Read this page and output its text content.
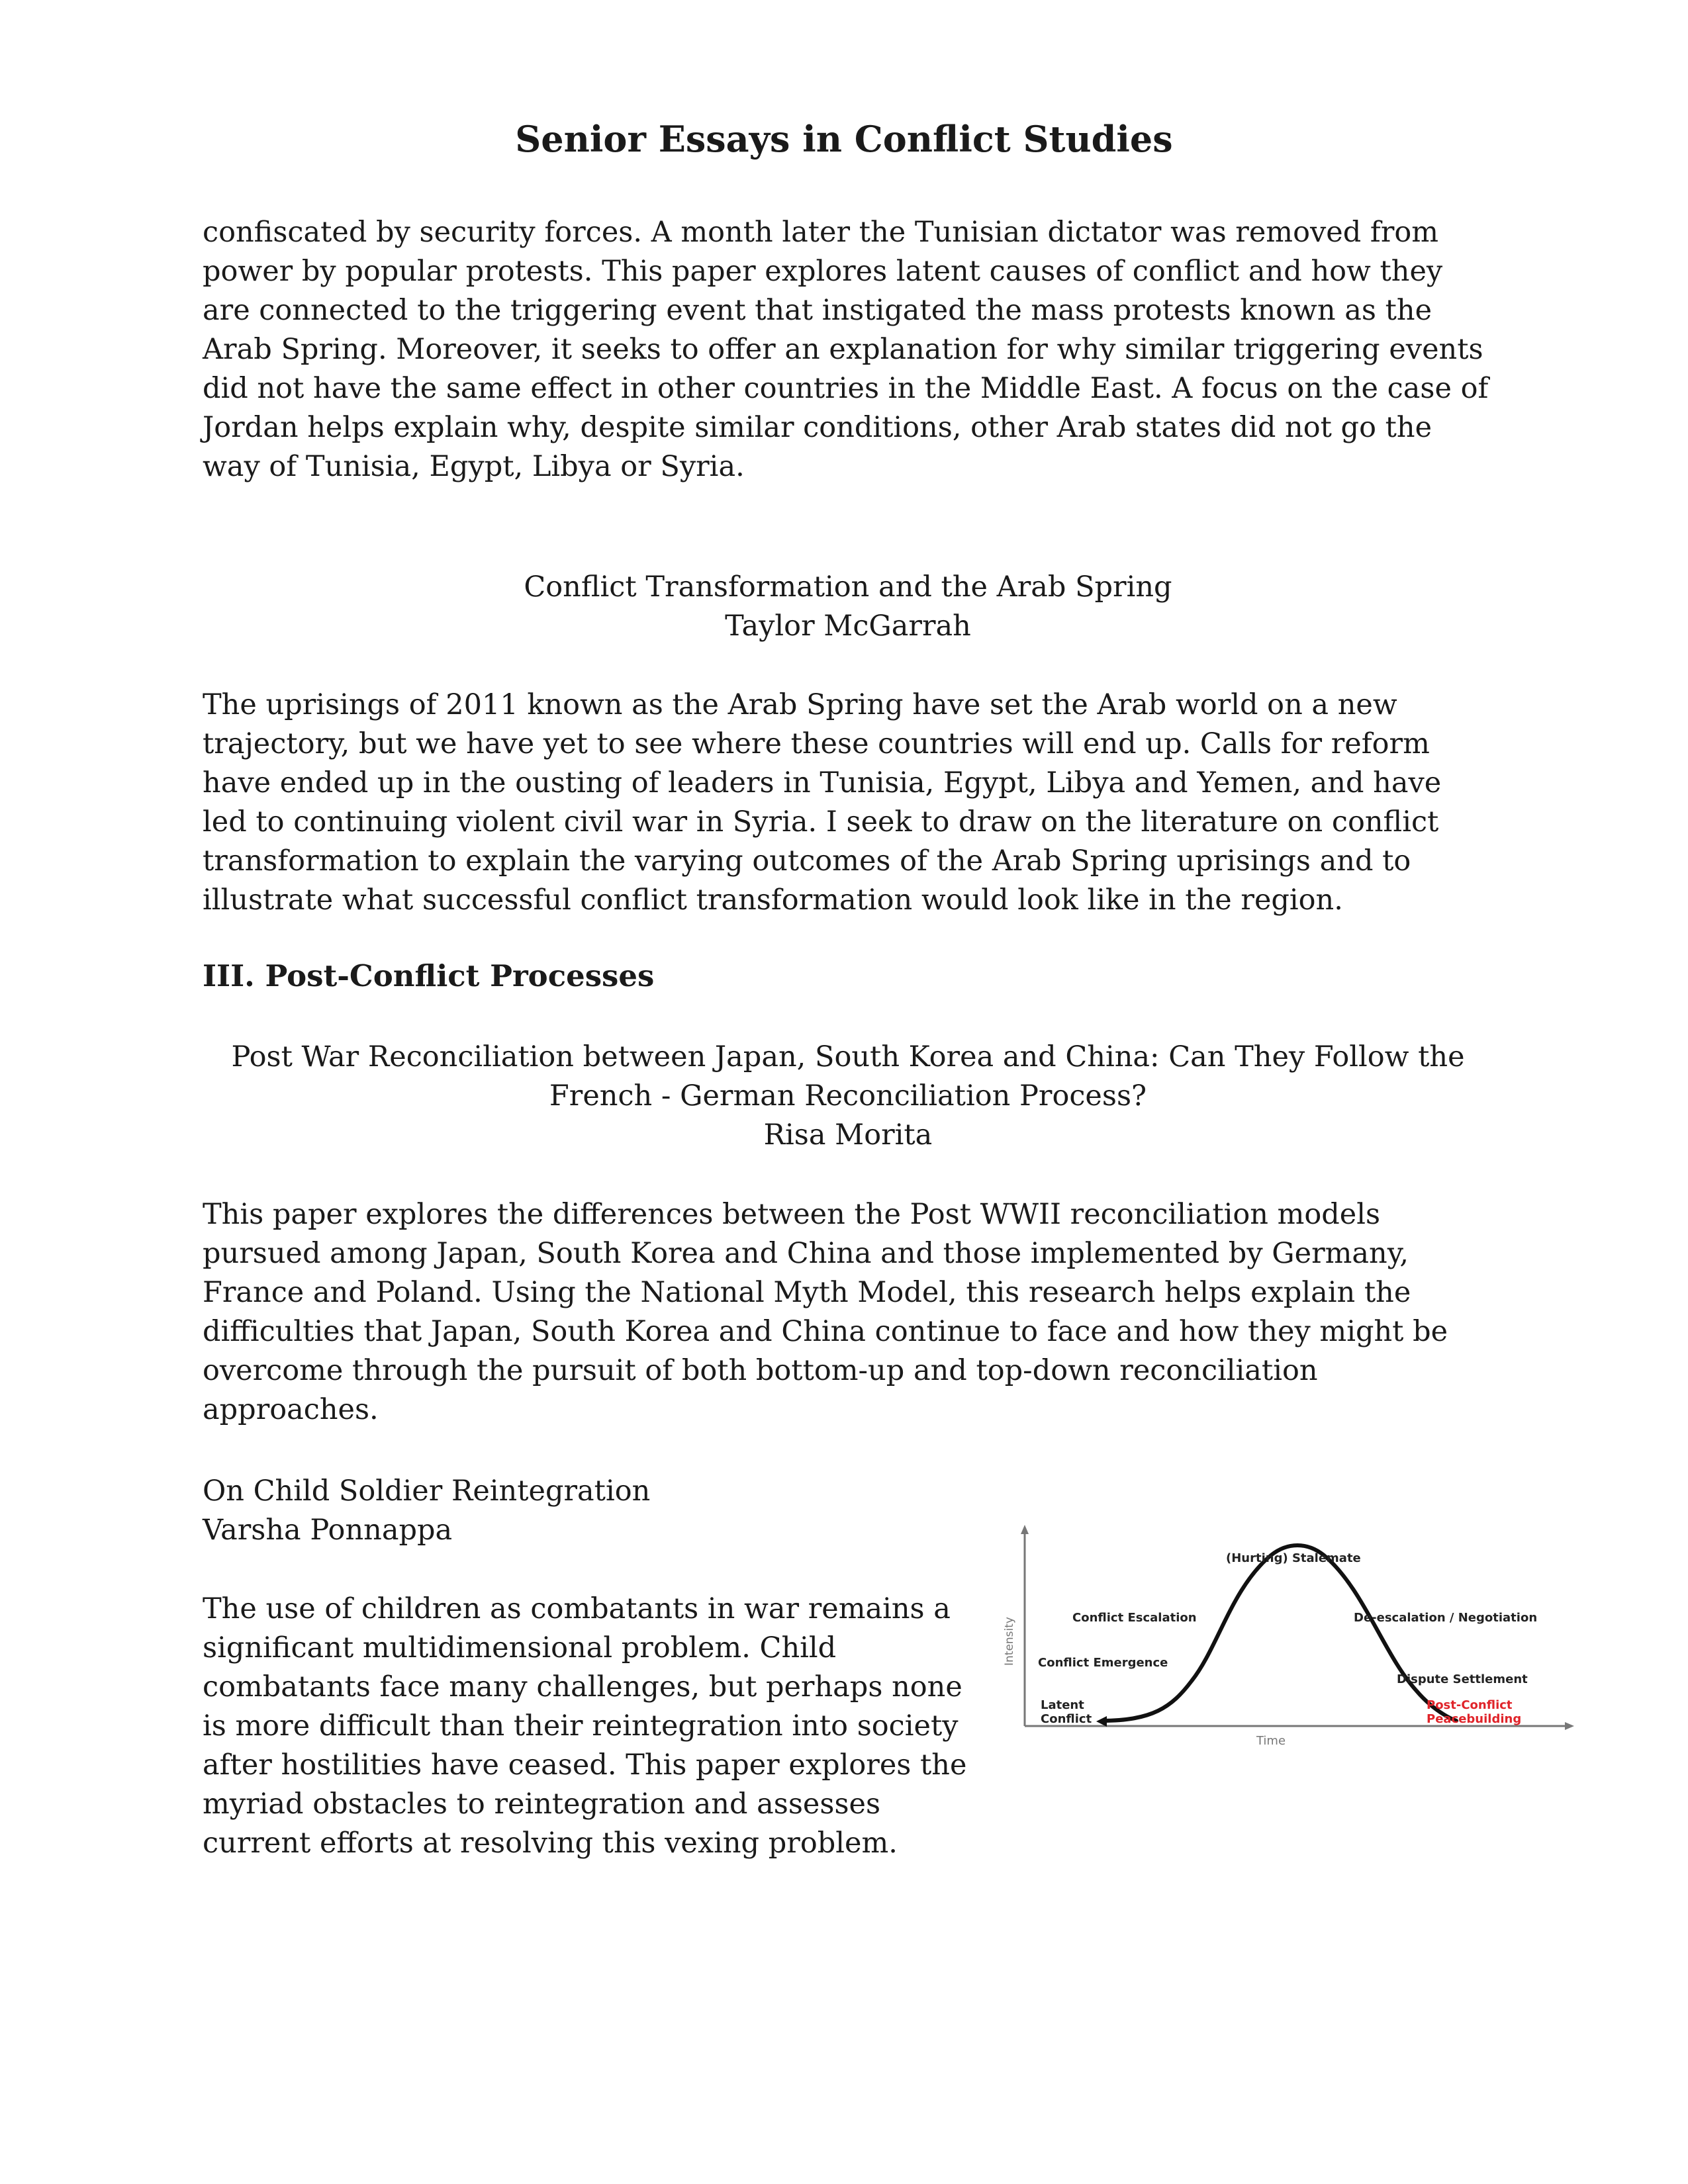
Senior Essays in Conflict Studies

confiscated by security forces. A month later the Tunisian dictator was removed from power by popular protests. This paper explores latent causes of conflict and how they are connected to the triggering event that instigated the mass protests known as the Arab Spring. Moreover, it seeks to offer an explanation for why similar triggering events did not have the same effect in other countries in the Middle East. A focus on the case of Jordan helps explain why, despite similar conditions, other Arab states did not go the way of Tunisia, Egypt, Libya or Syria.

Conflict Transformation and the Arab Spring
Taylor McGarrah

The uprisings of 2011 known as the Arab Spring have set the Arab world on a new trajectory, but we have yet to see where these countries will end up. Calls for reform have ended up in the ousting of leaders in Tunisia, Egypt, Libya and Yemen, and have led to continuing violent civil war in Syria. I seek to draw on the literature on conflict transformation to explain the varying outcomes of the Arab Spring uprisings and to illustrate what successful conflict transformation would look like in the region.

III. Post-Conflict Processes
Post War Reconciliation between Japan, South Korea and China: Can They Follow the
French - German Reconciliation Process?
Risa Morita

This paper explores the differences between the Post WWII reconciliation models pursued among Japan, South Korea and China and those implemented by Germany, France and Poland. Using the National Myth Model, this research helps explain the difficulties that Japan, South Korea and China continue to face and how they might be overcome through the pursuit of both bottom-up and top-down reconciliation approaches.

On Child Soldier Reintegration
Varsha Ponnappa

The use of children as combatants in war remains a significant multidimensional problem. Child combatants face many challenges, but perhaps none is more difficult than their reintegration into society after hostilities have ceased. This paper explores the myriad obstacles to reintegration and assesses current efforts at resolving this vexing problem.

Intensity
Time
Latent
Conflict
Conflict Emergence
Conflict Escalation
(Hurting) Stalemate
De-escalation / Negotiation
Dispute Settlement
Post-Conflict
Peacebuilding
